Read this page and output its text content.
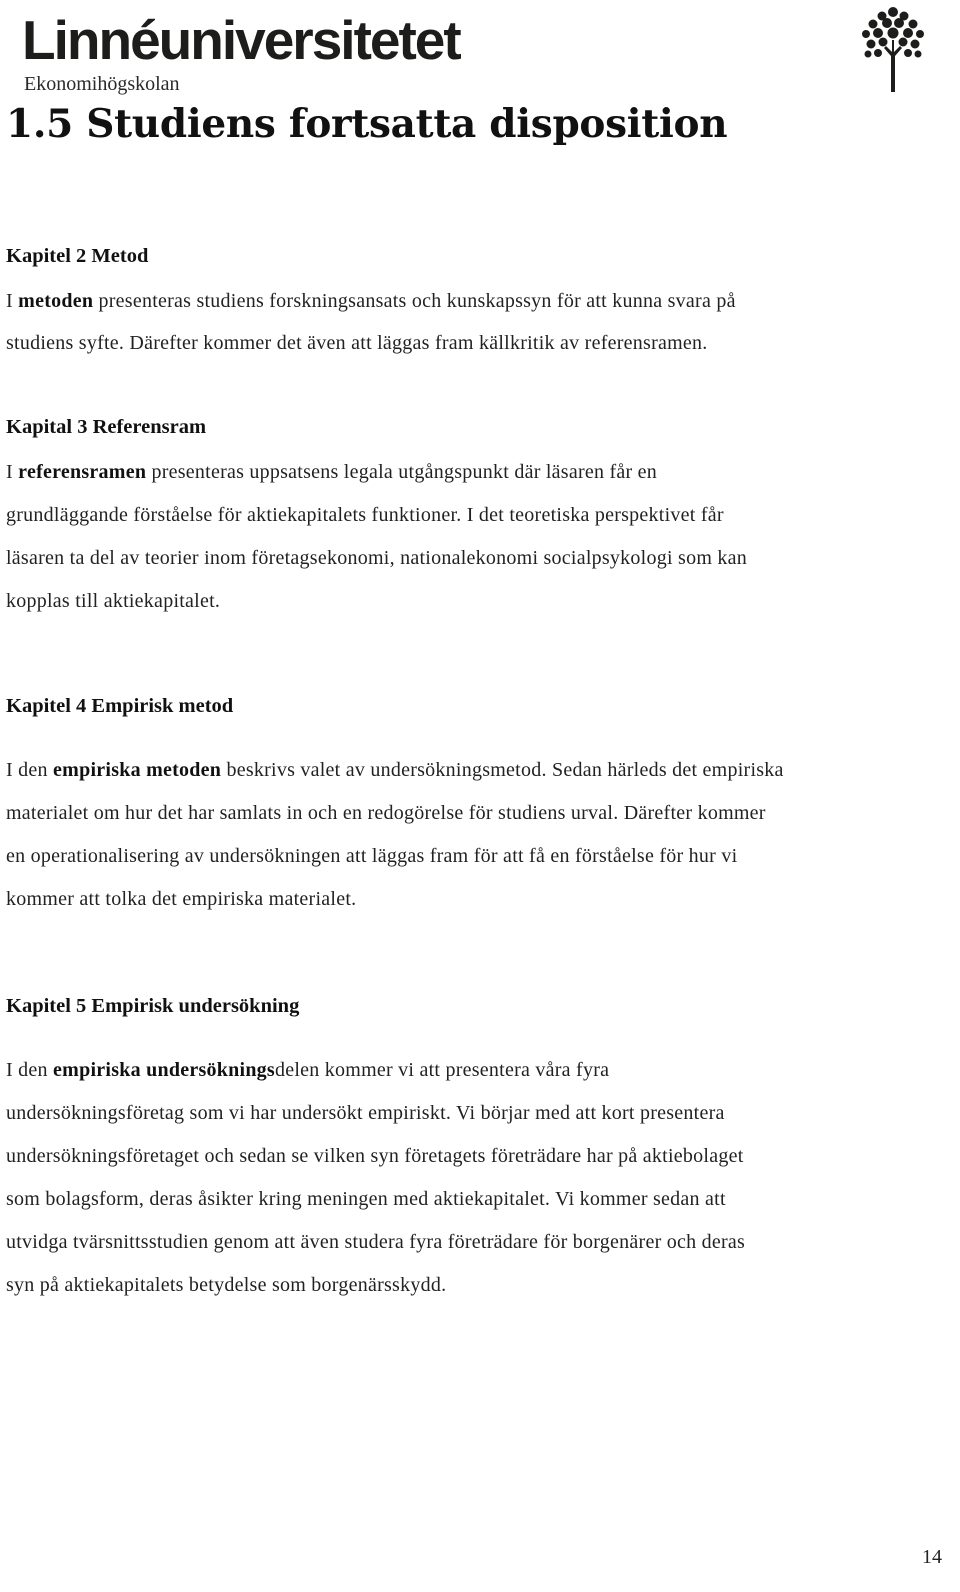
Linnéuniversitetet
Ekonomihögskolan
1.5 Studiens fortsatta disposition
Kapitel 2 Metod

I metoden presenteras studiens forskningsansats och kunskapssyn för att kunna svara på
studiens syfte. Därefter kommer det även att läggas fram källkritik av referensramen.

Kapital 3 Referensram

I referensramen presenteras uppsatsens legala utgångspunkt där läsaren får en
grundläggande förståelse för aktiekapitalets funktioner. I det teoretiska perspektivet får
läsaren ta del av teorier inom företagsekonomi, nationalekonomi socialpsykologi som kan
kopplas till aktiekapitalet.

Kapitel 4 Empirisk metod

I den empiriska metoden beskrivs valet av undersökningsmetod. Sedan härleds det empiriska
materialet om hur det har samlats in och en redogörelse för studiens urval. Därefter kommer
en operationalisering av undersökningen att läggas fram för att få en förståelse för hur vi
kommer att tolka det empiriska materialet.

Kapitel 5 Empirisk undersökning

I den empiriska undersökningsdelen kommer vi att presentera våra fyra
undersökningsföretag som vi har undersökt empiriskt. Vi börjar med att kort presentera
undersökningsföretaget och sedan se vilken syn företagets företrädare har på aktiebolaget
som bolagsform, deras åsikter kring meningen med aktiekapitalet. Vi kommer sedan att
utvidga tvärsnittsstudien genom att även studera fyra företrädare för borgenärer och deras
syn på aktiekapitalets betydelse som borgenärsskydd.

14
